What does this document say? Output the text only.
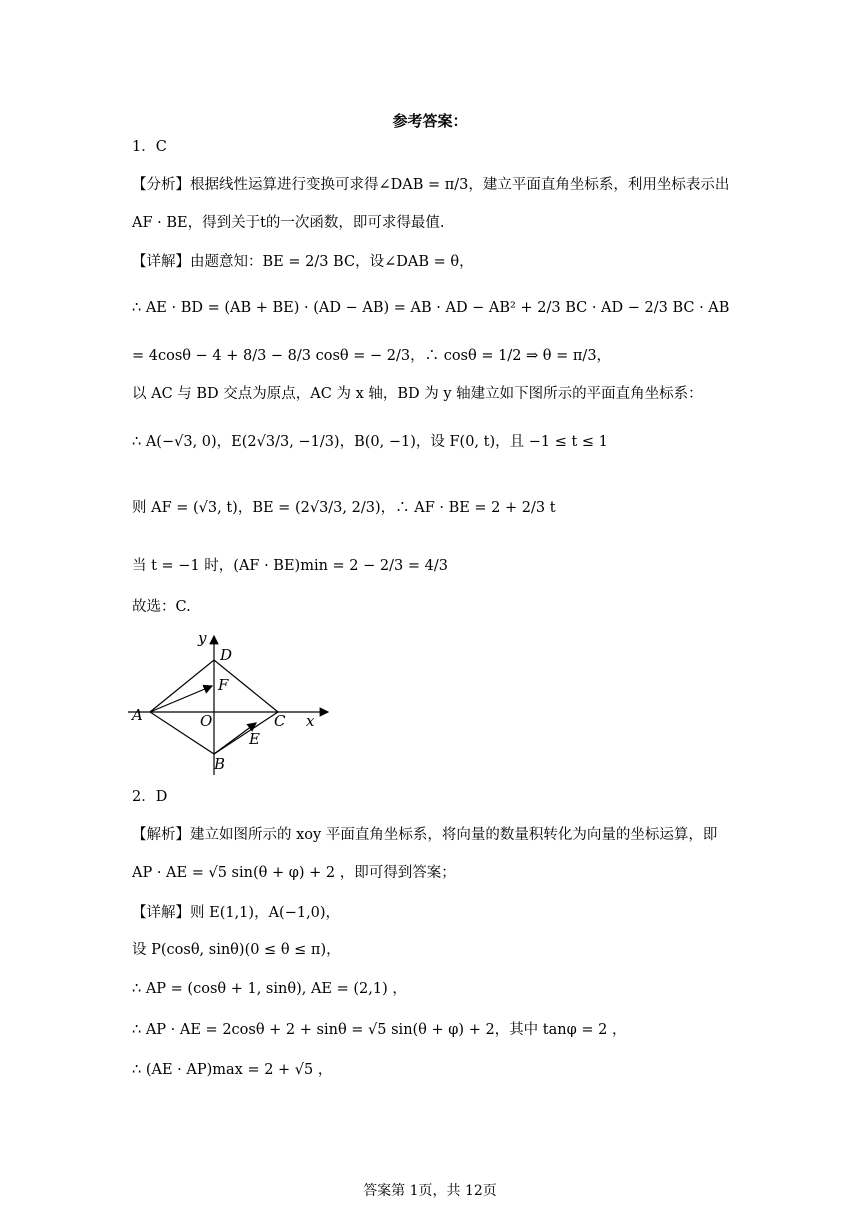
参考答案：
1．C
【分析】根据线性运算进行变换可求得∠DAB = π/3，建立平面直角坐标系，利用坐标表示出
AF · BE，得到关于t的一次函数，即可求得最值.
【详解】由题意知：BE = 2/3 BC，设∠DAB = θ，
∴ AE · BD = (AB + BE) · (AD − AB) = AB · AD − AB² + 2/3 BC · AD − 2/3 BC · AB
= 4cosθ − 4 + 8/3 − 8/3 cosθ = − 2/3，∴ cosθ = 1/2 ⇒ θ = π/3，
以 AC 与 BD 交点为原点，AC 为 x 轴，BD 为 y 轴建立如下图所示的平面直角坐标系：
∴ A(−√3, 0)，E(2√3/3, −1/3)，B(0, −1)，设 F(0, t)，且 −1 ≤ t ≤ 1
则 AF = (√3, t)，BE = (2√3/3, 2/3)，∴ AF · BE = 2 + 2/3 t
当 t = −1 时，(AF · BE)min = 2 − 2/3 = 4/3
故选：C.
y
D
F
A	O	C x
E
B
2．D
【解析】建立如图所示的 xoy 平面直角坐标系，将向量的数量积转化为向量的坐标运算，即
AP · AE = √5 sin(θ + φ) + 2 ，即可得到答案；
【详解】则 E(1,1)，A(−1,0)，
设 P(cosθ, sinθ)(0 ≤ θ ≤ π)，
∴ AP = (cosθ + 1, sinθ), AE = (2,1) ，
∴ AP · AE = 2cosθ + 2 + sinθ = √5 sin(θ + φ) + 2，其中 tanφ = 2 ，
∴ (AE · AP)max = 2 + √5 ，
答案第 1页，共 12页
